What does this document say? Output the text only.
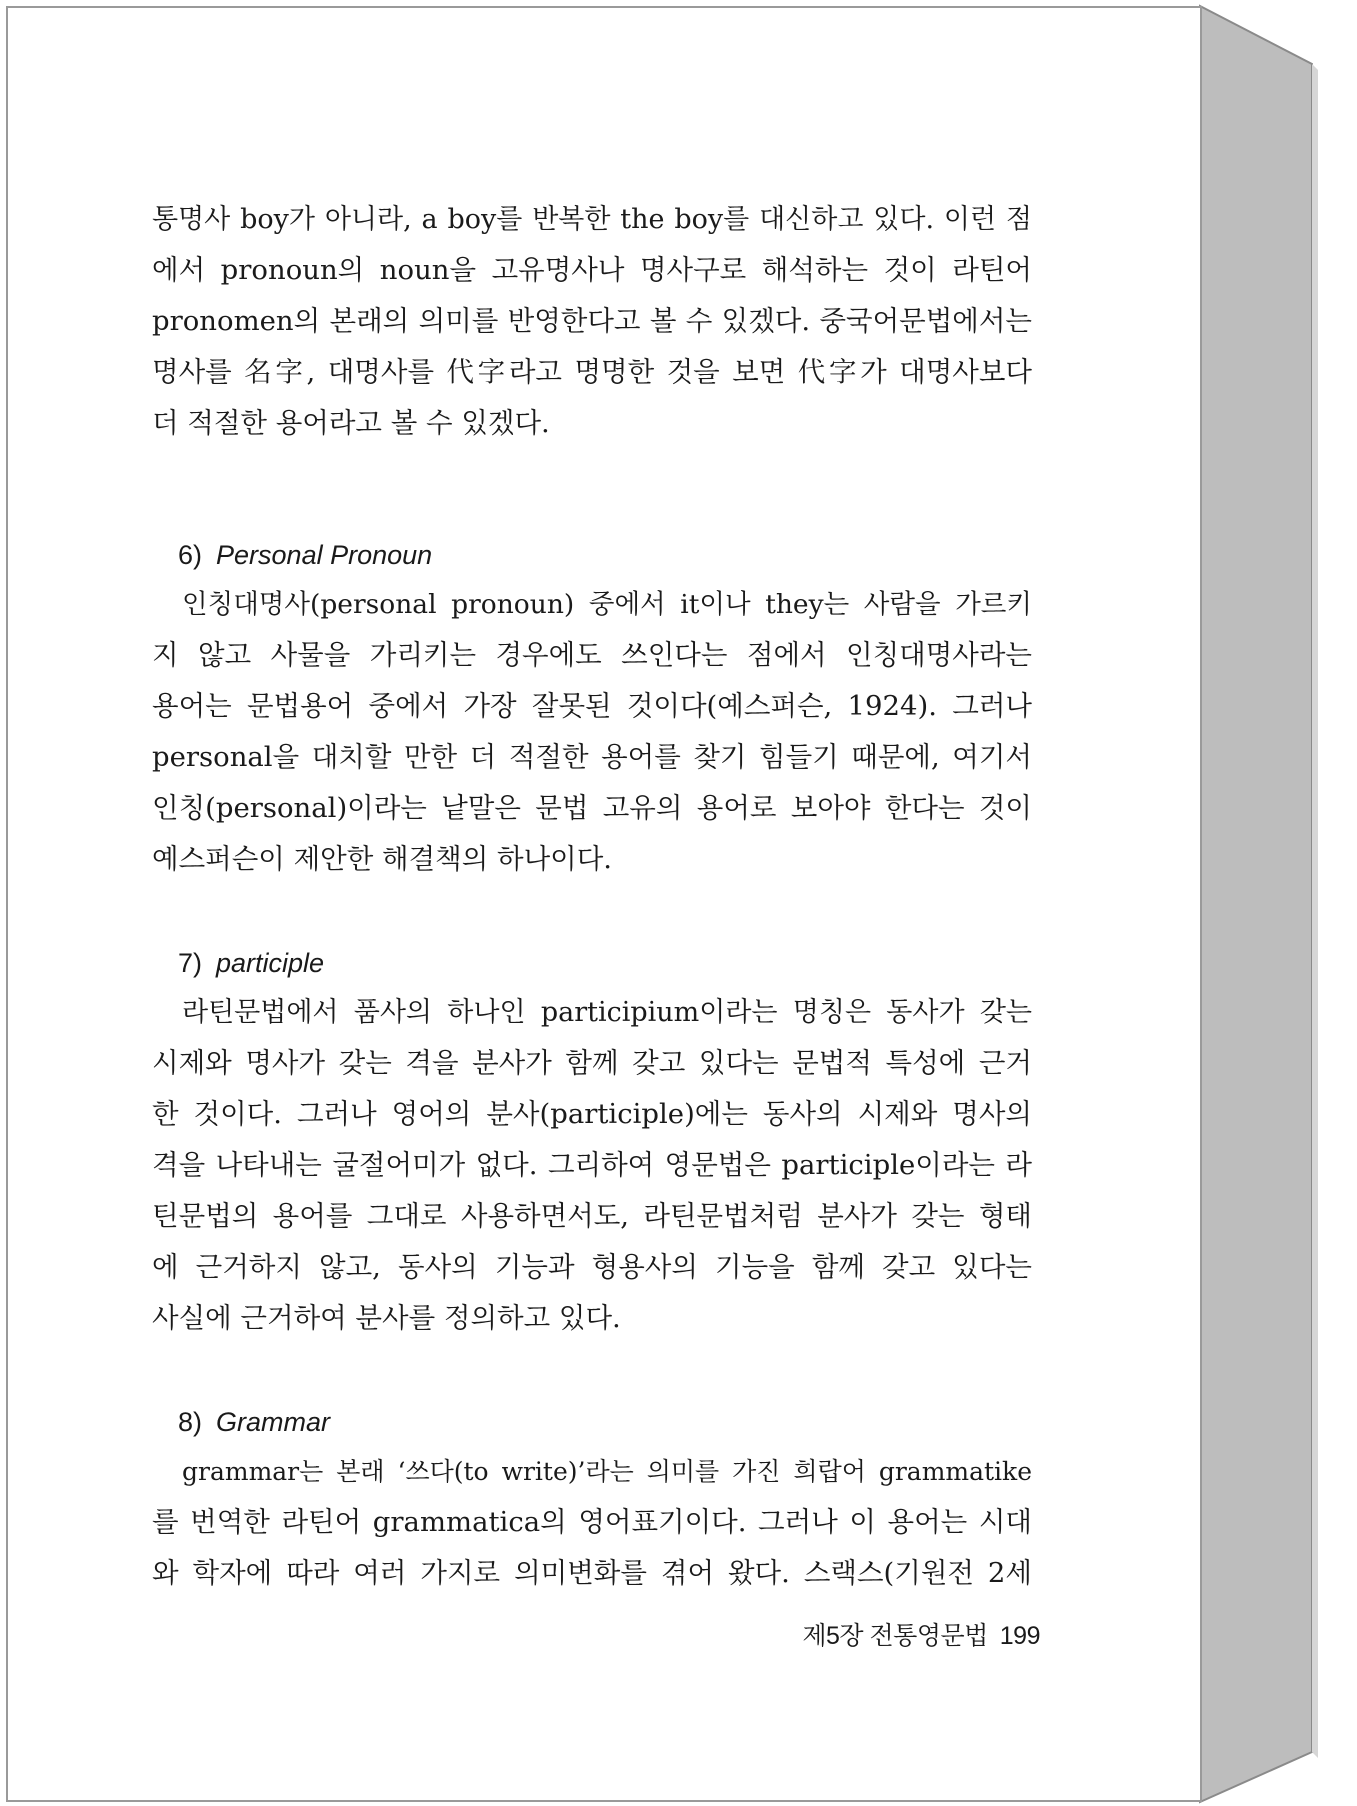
통명사 boy가 아니라, a boy를 반복한 the boy를 대신하고 있다. 이런 점
에서 pronoun의 noun을 고유명사나 명사구로 해석하는 것이 라틴어
pronomen의 본래의 의미를 반영한다고 볼 수 있겠다. 중국어문법에서는
명사를 名字, 대명사를 代字라고 명명한 것을 보면 代字가 대명사보다
더 적절한 용어라고 볼 수 있겠다.
6) Personal Pronoun
인칭대명사(personal pronoun) 중에서 it이나 they는 사람을 가르키
지 않고 사물을 가리키는 경우에도 쓰인다는 점에서 인칭대명사라는
용어는 문법용어 중에서 가장 잘못된 것이다(예스퍼슨, 1924). 그러나
personal을 대치할 만한 더 적절한 용어를 찾기 힘들기 때문에, 여기서
인칭(personal)이라는 낱말은 문법 고유의 용어로 보아야 한다는 것이
예스퍼슨이 제안한 해결책의 하나이다.
7) participle
라틴문법에서 품사의 하나인 participium이라는 명칭은 동사가 갖는
시제와 명사가 갖는 격을 분사가 함께 갖고 있다는 문법적 특성에 근거
한 것이다. 그러나 영어의 분사(participle)에는 동사의 시제와 명사의
격을 나타내는 굴절어미가 없다. 그리하여 영문법은 participle이라는 라
틴문법의 용어를 그대로 사용하면서도, 라틴문법처럼 분사가 갖는 형태
에 근거하지 않고, 동사의 기능과 형용사의 기능을 함께 갖고 있다는
사실에 근거하여 분사를 정의하고 있다.
8) Grammar
grammar는 본래 ‘쓰다(to write)’라는 의미를 가진 희랍어 grammatike
를 번역한 라틴어 grammatica의 영어표기이다. 그러나 이 용어는 시대
와 학자에 따라 여러 가지로 의미변화를 겪어 왔다. 스랙스(기원전 2세
제5장 전통영문법 199
